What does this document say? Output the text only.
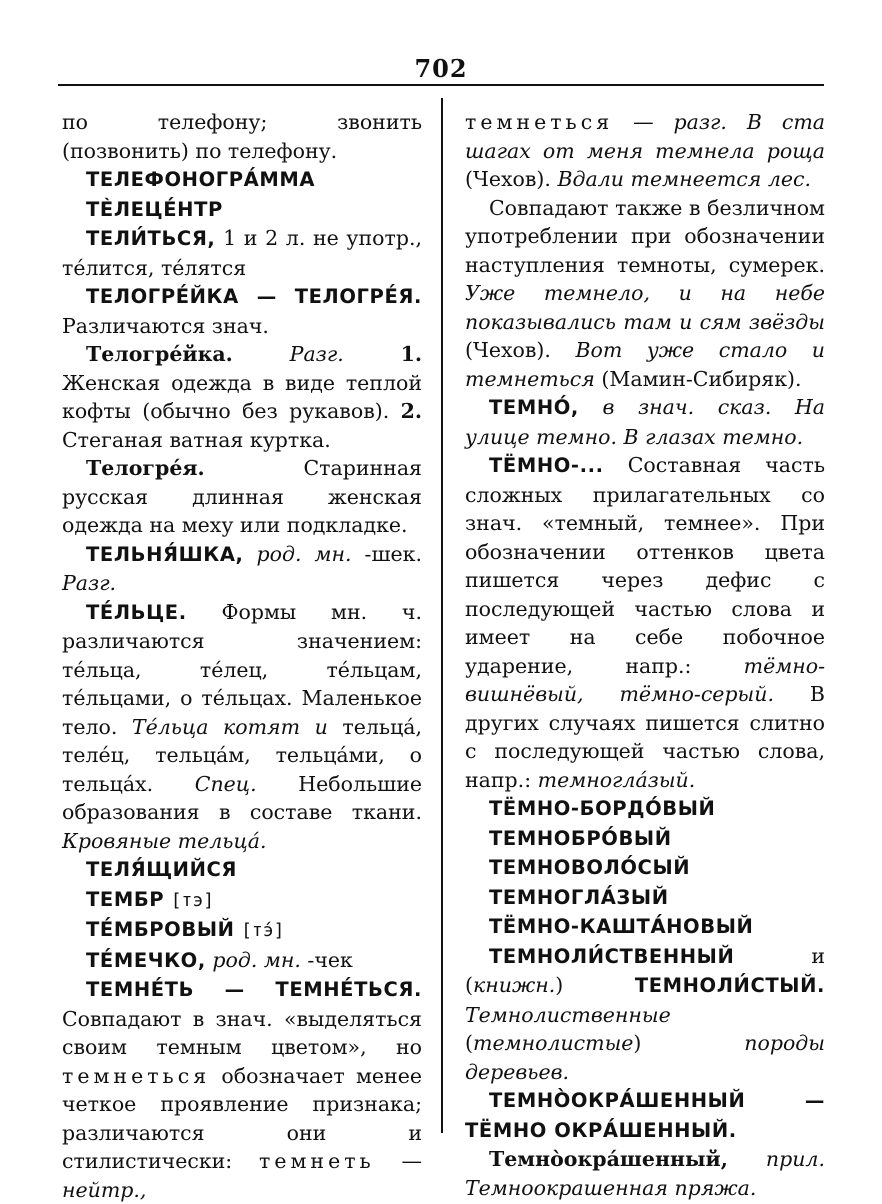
702

по телефону; звонить (позвонить) по телефону.

ТЕЛЕФОНОГРА́ММА

ТЀЛЕЦЕ́НТР

ТЕЛИ́ТЬСЯ, 1 и 2 л. не употр., те́лится, те́лятся

ТЕЛОГРЕ́ЙКА — ТЕЛОГРЕ́Я. Различаются знач.

Телогре́йка.	Разг.	1. Женская одежда в виде теплой кофты (обычно без рукавов). 2. Стеганая ватная куртка.

Телогре́я. Старинная русская длинная женская одежда на меху или подкладке.

ТЕЛЬНЯ́ШКА, род. мн. -шек. Разг.

ТЕ́ЛЬЦЕ. Формы мн. ч. различаются значением: те́льца, те́лец, те́льцам, те́льцами, о те́льцах. Маленькое тело. Те́льца котят и тельца́, теле́ц, тельца́м, тельца́ми, о тельца́х. Спец. Небольшие образования в составе ткани. Кровяные тельца́.

ТЕЛЯ́ЩИЙСЯ

ТЕМБР [тэ]

ТЕ́МБРОВЫЙ [тэ́]

ТЕ́МЕЧКО, род. мн. -чек

ТЕМНЕ́ТЬ — ТЕМНЕ́ТЬСЯ. Совпадают в знач. «выделяться своим темным цветом», но темнеться обозначает менее четкое проявление признака; различаются они и стилистически: темнеть — нейтр.,

темнеться — разг. В ста шагах от меня темнела роща (Чехов). Вдали темнеется лес.

Совпадают также в безличном употреблении при обозначении наступления темноты, сумерек. Уже темнело, и на небе показывались там и сям звёзды (Чехов). Вот уже стало и темнеться (Мамин-Сибиряк).

ТЕМНО́, в знач. сказ. На улице темно. В глазах темно.

ТЁМНО-... Составная часть сложных прилагательных со знач. «темный, темнее». При обозначении оттенков цвета пишется через дефис с последующей частью слова и имеет на себе побочное ударение, напр.: тёмно-вишнёвый, тёмно-серый. В других случаях пишется слитно с последующей частью слова, напр.: темногла́зый.

ТЁМНО-БОРДО́ВЫЙ

ТЕМНОБРО́ВЫЙ

ТЕМНОВОЛО́СЫЙ

ТЕМНОГЛА́ЗЫЙ

ТЁМНО-КАШТА́НОВЫЙ

ТЕМНОЛИ́СТВЕННЫЙ и (книжн.) ТЕМНОЛИ́СТЫЙ. Темнолиственные (темнолистые) породы деревьев.

ТЕМНО̀ОКРА́ШЕННЫЙ — ТЁМНО ОКРА́ШЕННЫЙ.

Темно̀окра́шенный, прил. Темноокрашенная пряжа.
